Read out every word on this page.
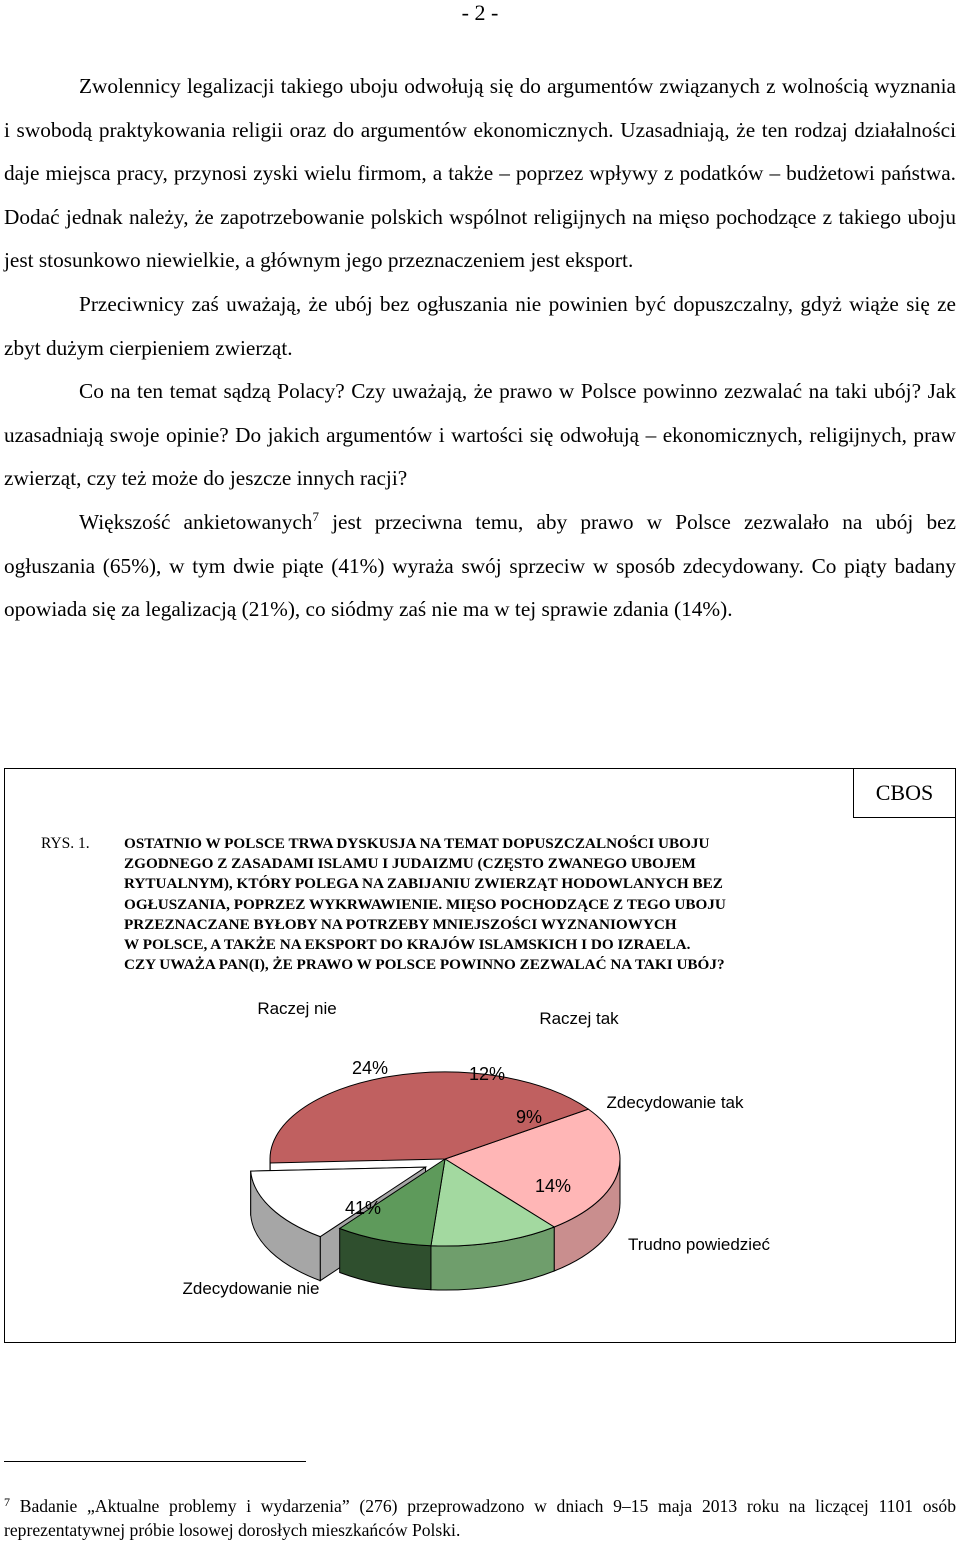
- 2 -

Zwolennicy legalizacji takiego uboju odwołują się do argumentów związanych z wolnością wyznania i swobodą praktykowania religii oraz do argumentów ekonomicznych. Uzasadniają, że ten rodzaj działalności daje miejsca pracy, przynosi zyski wielu firmom, a także – poprzez wpływy z podatków – budżetowi państwa. Dodać jednak należy, że zapotrzebowanie polskich wspólnot religijnych na mięso pochodzące z takiego uboju jest stosunkowo niewielkie, a głównym jego przeznaczeniem jest eksport.

Przeciwnicy zaś uważają, że ubój bez ogłuszania nie powinien być dopuszczalny, gdyż wiąże się ze zbyt dużym cierpieniem zwierząt.

Co na ten temat sądzą Polacy? Czy uważają, że prawo w Polsce powinno zezwalać na taki ubój? Jak uzasadniają swoje opinie? Do jakich argumentów i wartości się odwołują – ekonomicznych, religijnych, praw zwierząt, czy też może do jeszcze innych racji?

Większość ankietowanych$^7$ jest przeciwna temu, aby prawo w Polsce zezwalało na ubój bez ogłuszania (65%), w tym dwie piąte (41%) wyraża swój sprzeciw w sposób zdecydowany. Co piąty badany opowiada się za legalizacją (21%), co siódmy zaś nie ma w tej sprawie zdania (14%).

CBOS
RYS. 1. OSTATNIO W POLSCE TRWA DYSKUSJA NA TEMAT DOPUSZCZALNOŚCI UBOJU
ZGODNEGO Z ZASADAMI ISLAMU I JUDAIZMU (CZĘSTO ZWANEGO UBOJEM
RYTUALNYM), KTÓRY POLEGA NA ZABIJANIU ZWIERZĄT HODOWLANYCH BEZ
OGŁUSZANIA, POPRZEZ WYKRWAWIENIE. MIĘSO POCHODZĄCE Z TEGO UBOJU
PRZEZNACZANE BYŁOBY NA POTRZEBY MNIEJSZOŚCI WYZNANIOWYCH
W POLSCE, A TAKŻE NA EKSPORT DO KRAJÓW ISLAMSKICH I DO IZRAELA.
CZY UWAŻA PAN(I), ŻE PRAWO W POLSCE POWINNO ZEZWALAĆ NA TAKI UBÓJ?
24%
Raczej nie
12%
Raczej tak
9%
Zdecydowanie tak
14%
Trudno powiedzieć
41%
Zdecydowanie nie
$^7$ Badanie „Aktualne problemy i wydarzenia” (276) przeprowadzono w dniach 9–15 maja 2013 roku na liczącej 1101 osób reprezentatywnej próbie losowej dorosłych mieszkańców Polski.
